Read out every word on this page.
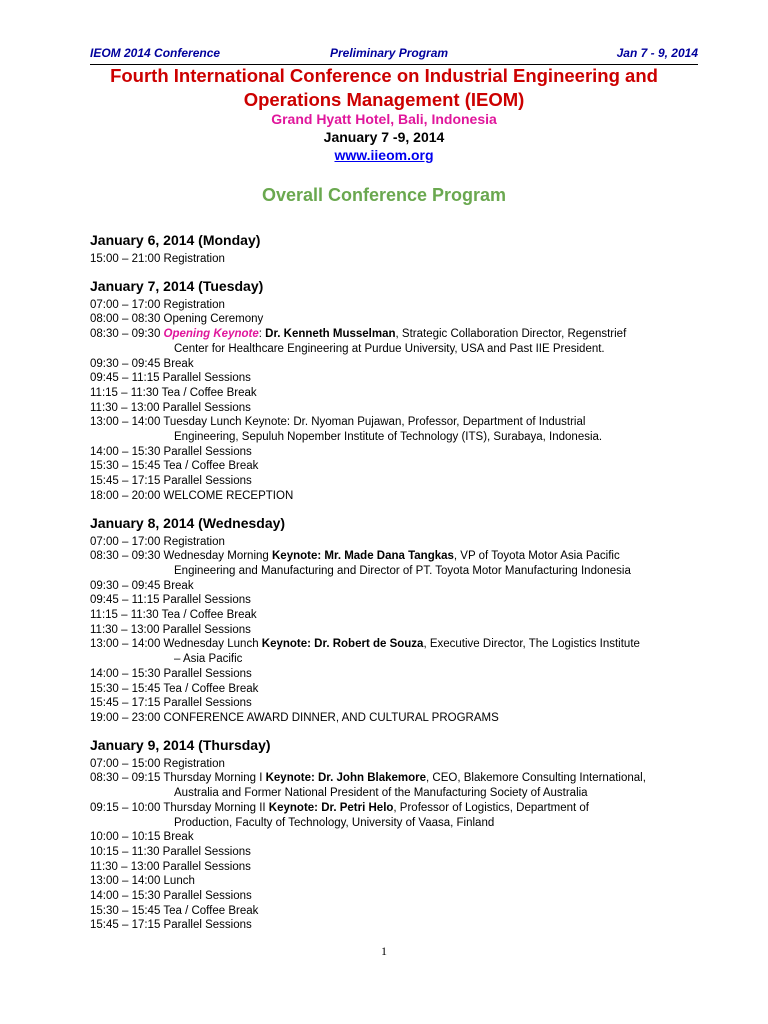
IEOM 2014 Conference	Preliminary Program	Jan 7 - 9, 2014
Fourth International Conference on Industrial Engineering and
Operations Management (IEOM)
Grand Hyatt Hotel, Bali, Indonesia
January 7 -9, 2014
www.iieom.org
Overall Conference Program
January 6, 2014 (Monday)
15:00 – 21:00 Registration
January 7, 2014 (Tuesday)
07:00 – 17:00 Registration
08:00 – 08:30 Opening Ceremony
08:30 – 09:30 Opening Keynote: Dr. Kenneth Musselman, Strategic Collaboration Director, Regenstrief
Center for Healthcare Engineering at Purdue University, USA and Past IIE President.
09:30 – 09:45 Break
09:45 – 11:15 Parallel Sessions
11:15 – 11:30 Tea / Coffee Break
11:30 – 13:00 Parallel Sessions
13:00 – 14:00 Tuesday Lunch Keynote: Dr. Nyoman Pujawan, Professor, Department of Industrial
Engineering, Sepuluh Nopember Institute of Technology (ITS), Surabaya, Indonesia.
14:00 – 15:30 Parallel Sessions
15:30 – 15:45 Tea / Coffee Break
15:45 – 17:15 Parallel Sessions
18:00 – 20:00 WELCOME RECEPTION
January 8, 2014 (Wednesday)
07:00 – 17:00 Registration
08:30 – 09:30 Wednesday Morning Keynote: Mr. Made Dana Tangkas, VP of Toyota Motor Asia Pacific
Engineering and Manufacturing and Director of PT. Toyota Motor Manufacturing Indonesia
09:30 – 09:45 Break
09:45 – 11:15 Parallel Sessions
11:15 – 11:30 Tea / Coffee Break
11:30 – 13:00 Parallel Sessions
13:00 – 14:00 Wednesday Lunch Keynote: Dr. Robert de Souza, Executive Director, The Logistics Institute
– Asia Pacific
14:00 – 15:30 Parallel Sessions
15:30 – 15:45 Tea / Coffee Break
15:45 – 17:15 Parallel Sessions
19:00 – 23:00 CONFERENCE AWARD DINNER, AND CULTURAL PROGRAMS
January 9, 2014 (Thursday)
07:00 – 15:00 Registration
08:30 – 09:15 Thursday Morning I Keynote: Dr. John Blakemore, CEO, Blakemore Consulting International,
Australia and Former National President of the Manufacturing Society of Australia
09:15 – 10:00 Thursday Morning II Keynote: Dr. Petri Helo, Professor of Logistics, Department of
Production, Faculty of Technology, University of Vaasa, Finland
10:00 – 10:15 Break
10:15 – 11:30 Parallel Sessions
11:30 – 13:00 Parallel Sessions
13:00 – 14:00 Lunch
14:00 – 15:30 Parallel Sessions
15:30 – 15:45 Tea / Coffee Break
15:45 – 17:15 Parallel Sessions
1
